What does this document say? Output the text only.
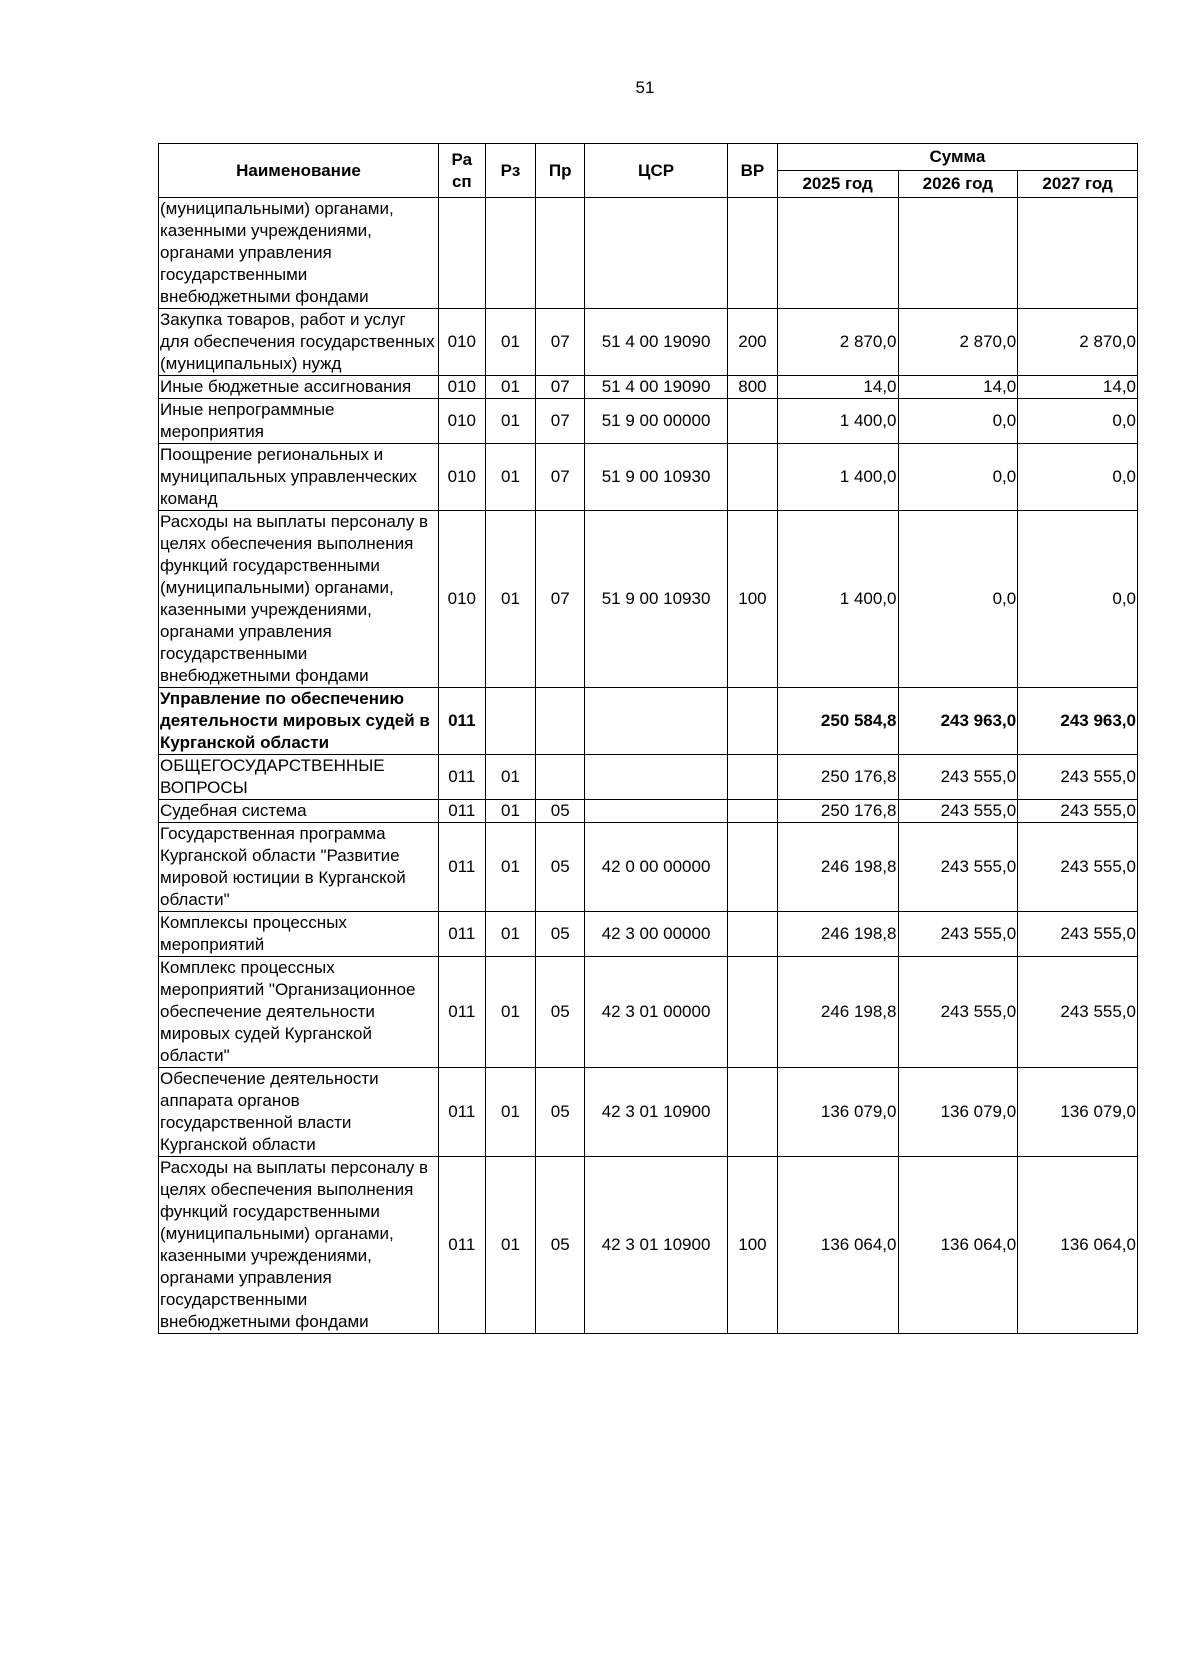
51
Наименование	Ра сп	Рз	Пр	ЦСР	ВР	Сумма		
						2025 год	2026 год	2027 год
(муниципальными) органами, казенными учреждениями, органами управления государственными внебюджетными фондами								
Закупка товаров, работ и услуг для обеспечения государственных (муниципальных) нужд	010	01	07	51 4 00 19090	200	2 870,0	2 870,0	2 870,0
Иные бюджетные ассигнования	010	01	07	51 4 00 19090	800	14,0	14,0	14,0
Иные непрограммные мероприятия	010	01	07	51 9 00 00000		1 400,0	0,0	0,0
Поощрение региональных и муниципальных управленческих команд	010	01	07	51 9 00 10930		1 400,0	0,0	0,0
Расходы на выплаты персоналу в целях обеспечения выполнения функций государственными (муниципальными) органами, казенными учреждениями, органами управления государственными внебюджетными фондами	010	01	07	51 9 00 10930	100	1 400,0	0,0	0,0
Управление по обеспечению деятельности мировых судей в Курганской области	011					250 584,8	243 963,0	243 963,0
ОБЩЕГОСУДАРСТВЕННЫЕ ВОПРОСЫ	011	01				250 176,8	243 555,0	243 555,0
Судебная система	011	01	05			250 176,8	243 555,0	243 555,0
Государственная программа Курганской области "Развитие мировой юстиции в Курганской области"	011	01	05	42 0 00 00000		246 198,8	243 555,0	243 555,0
Комплексы процессных мероприятий	011	01	05	42 3 00 00000		246 198,8	243 555,0	243 555,0
Комплекс процессных мероприятий "Организационное обеспечение деятельности мировых судей Курганской области"	011	01	05	42 3 01 00000		246 198,8	243 555,0	243 555,0
Обеспечение деятельности аппарата органов государственной власти Курганской области	011	01	05	42 3 01 10900		136 079,0	136 079,0	136 079,0
Расходы на выплаты персоналу в целях обеспечения выполнения функций государственными (муниципальными) органами, казенными учреждениями, органами управления государственными внебюджетными фондами	011	01	05	42 3 01 10900	100	136 064,0	136 064,0	136 064,0
